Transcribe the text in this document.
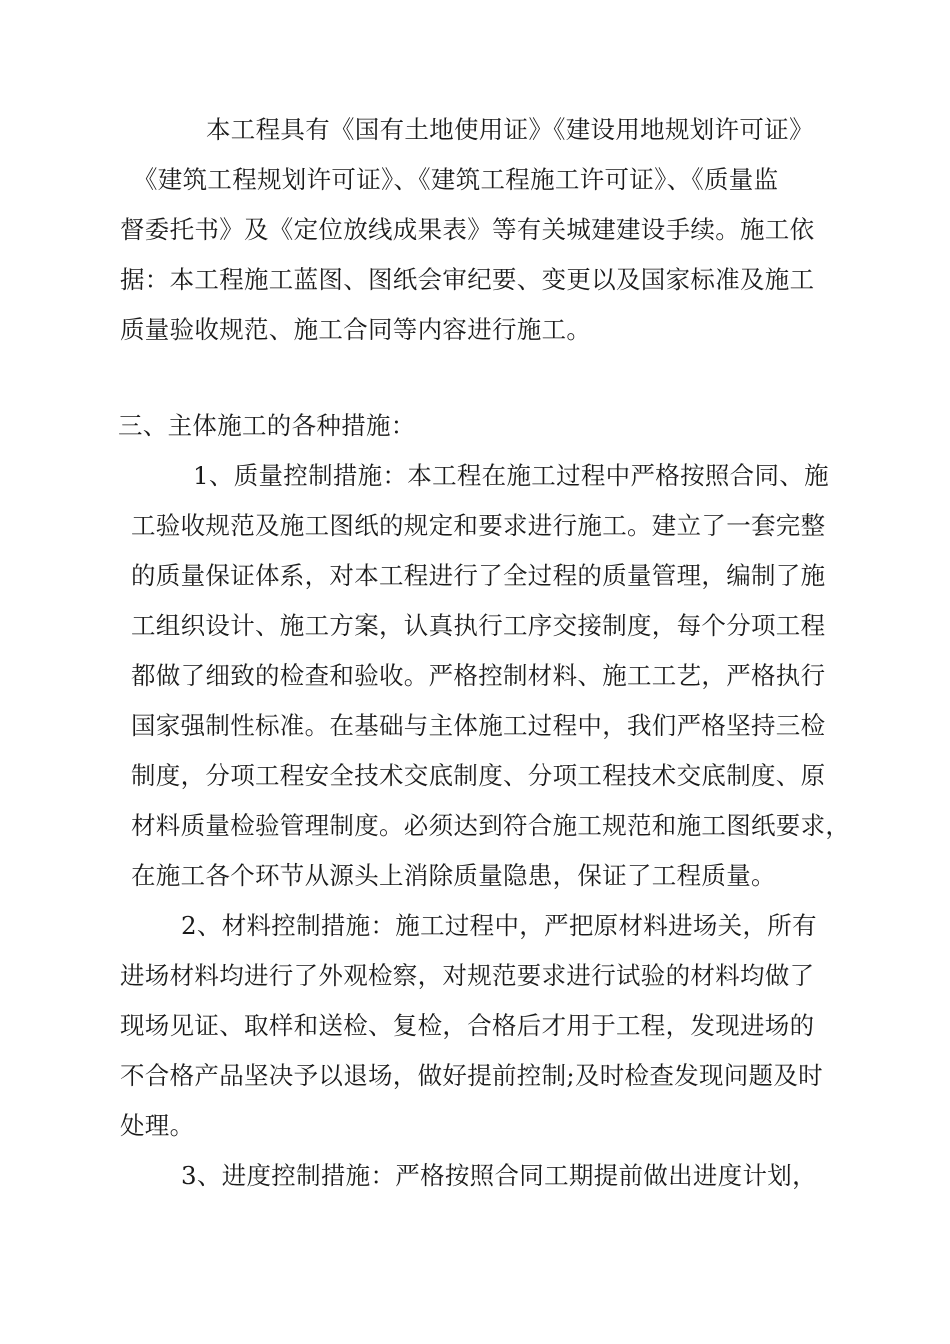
本工程具有《国有土地使用证》《建设用地规划许可证》
《建筑工程规划许可证》、《建筑工程施工许可证》、《质量监
督委托书》及《定位放线成果表》等有关城建建设手续。施工依
据：本工程施工蓝图、图纸会审纪要、变更以及国家标准及施工
质量验收规范、施工合同等内容进行施工。
三、主体施工的各种措施：
1、质量控制措施：本工程在施工过程中严格按照合同、施
工验收规范及施工图纸的规定和要求进行施工。建立了一套完整
的质量保证体系，对本工程进行了全过程的质量管理，编制了施
工组织设计、施工方案，认真执行工序交接制度，每个分项工程
都做了细致的检查和验收。严格控制材料、施工工艺，严格执行
国家强制性标准。在基础与主体施工过程中，我们严格坚持三检
制度，分项工程安全技术交底制度、分项工程技术交底制度、原
材料质量检验管理制度。必须达到符合施工规范和施工图纸要求，
在施工各个环节从源头上消除质量隐患，保证了工程质量。
2、材料控制措施：施工过程中，严把原材料进场关，所有
进场材料均进行了外观检察，对规范要求进行试验的材料均做了
现场见证、取样和送检、复检，合格后才用于工程，发现进场的
不合格产品坚决予以退场，做好提前控制;及时检查发现问题及时
处理。
3、进度控制措施：严格按照合同工期提前做出进度计划，
